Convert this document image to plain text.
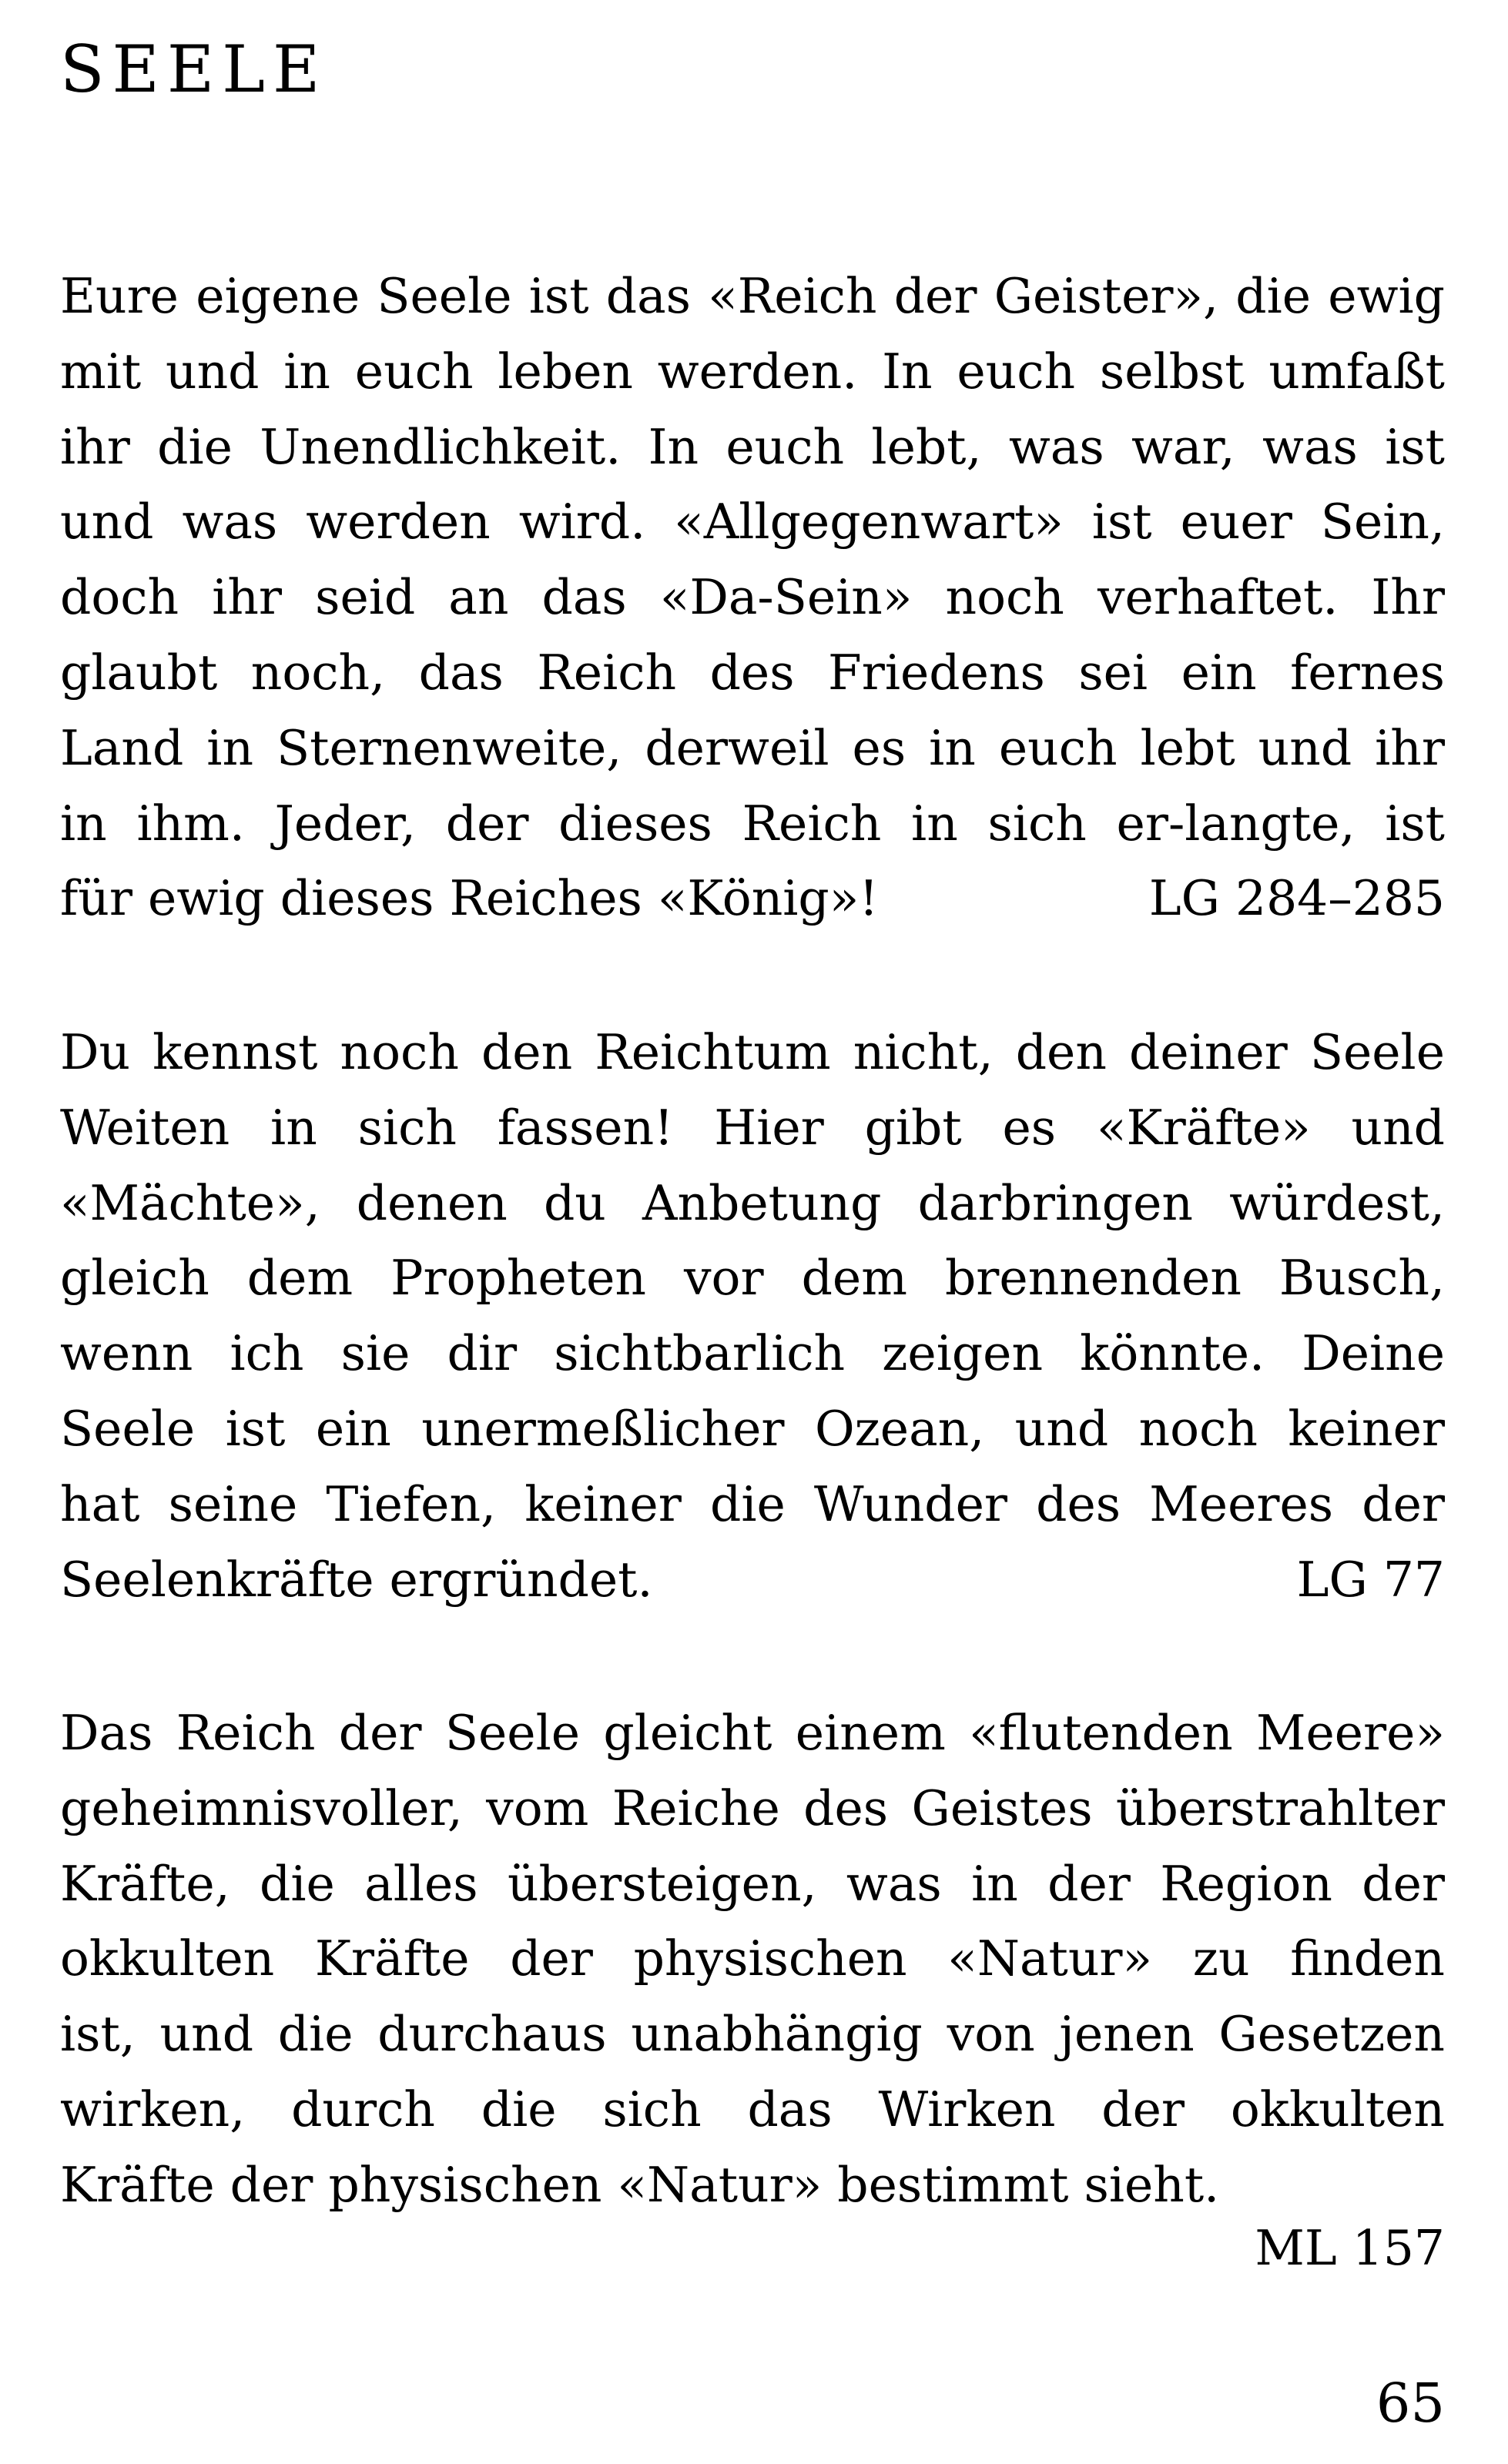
SEELE
Eure eigene Seele ist das «Reich der Geister», die ewig
mit und in euch leben werden. In euch selbst umfaßt
ihr die Unendlichkeit. In euch lebt, was war, was ist
und was werden wird. «Allgegenwart» ist euer Sein,
doch ihr seid an das «Da-Sein» noch verhaftet. Ihr
glaubt noch, das Reich des Friedens sei ein fernes
Land in Sternenweite, derweil es in euch lebt und ihr
in ihm. Jeder, der dieses Reich in sich er-langte, ist
für ewig dieses Reiches «König»!	LG 284–285
Du kennst noch den Reichtum nicht, den deiner Seele
Weiten in sich fassen! Hier gibt es «Kräfte» und
«Mächte», denen du Anbetung darbringen würdest,
gleich dem Propheten vor dem brennenden Busch,
wenn ich sie dir sichtbarlich zeigen könnte. Deine
Seele ist ein unermeßlicher Ozean, und noch keiner
hat seine Tiefen, keiner die Wunder des Meeres der
Seelenkräfte ergründet.	LG 77
Das Reich der Seele gleicht einem «flutenden Meere»
geheimnisvoller, vom Reiche des Geistes überstrahlter
Kräfte, die alles übersteigen, was in der Region der
okkulten Kräfte der physischen «Natur» zu finden
ist, und die durchaus unabhängig von jenen Gesetzen
wirken, durch die sich das Wirken der okkulten
Kräfte der physischen «Natur» bestimmt sieht.
ML 157
65
